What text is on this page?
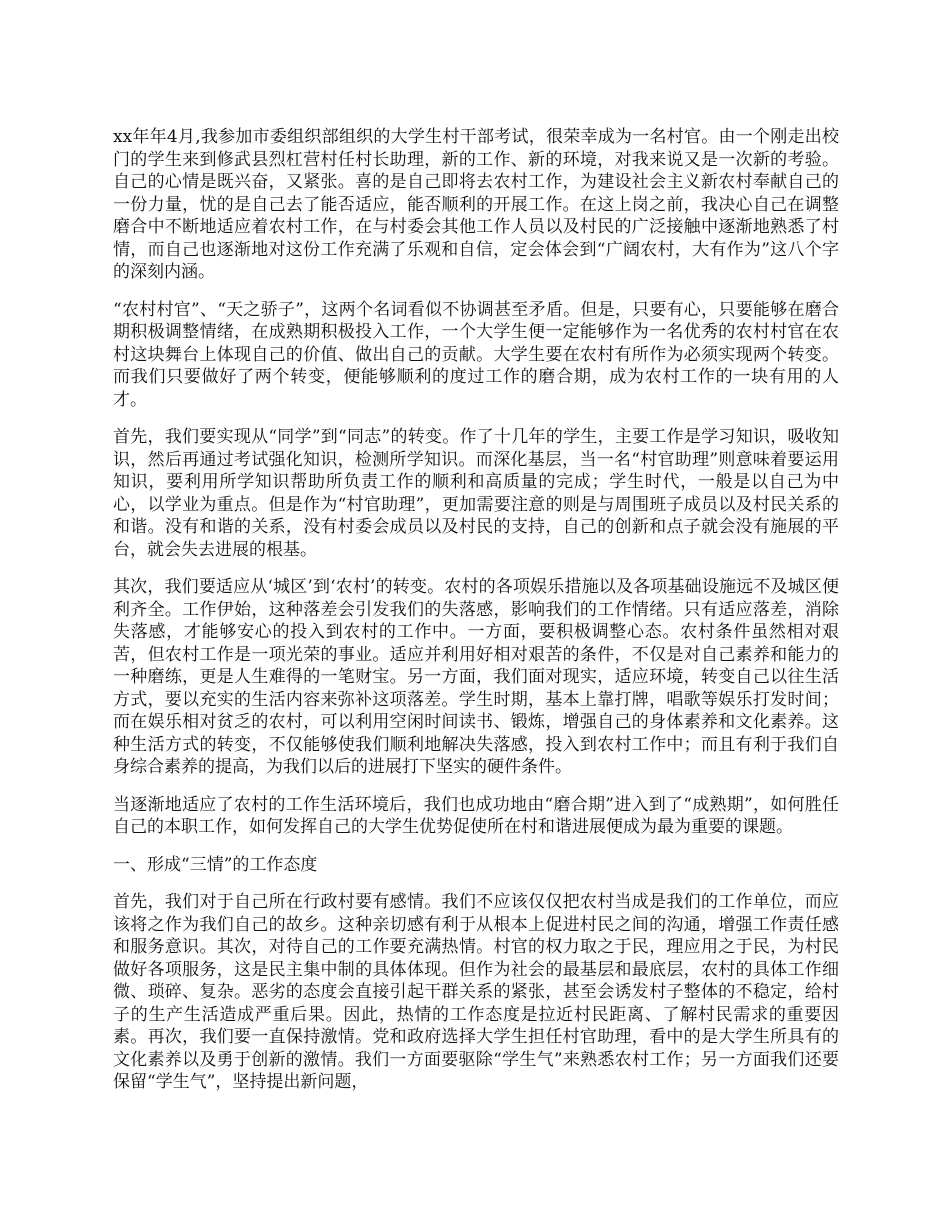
xx年年4月,我参加市委组织部组织的大学生村干部考试，很荣幸成为一名村官。由一个刚走出校门的学生来到修武县烈杠营村任村长助理，新的工作、新的环境，对我来说又是一次新的考验。自己的心情是既兴奋，又紧张。喜的是自己即将去农村工作，为建设社会主义新农村奉献自己的一份力量，忧的是自己去了能否适应，能否顺利的开展工作。在这上岗之前，我决心自己在调整磨合中不断地适应着农村工作，在与村委会其他工作人员以及村民的广泛接触中逐渐地熟悉了村情，而自己也逐渐地对这份工作充满了乐观和自信，定会体会到“广阔农村，大有作为”这八个字的深刻内涵。

“农村村官”、“天之骄子”，这两个名词看似不协调甚至矛盾。但是，只要有心，只要能够在磨合期积极调整情绪，在成熟期积极投入工作，一个大学生便一定能够作为一名优秀的农村村官在农村这块舞台上体现自己的价值、做出自己的贡献。大学生要在农村有所作为必须实现两个转变。而我们只要做好了两个转变，便能够顺利的度过工作的磨合期，成为农村工作的一块有用的人才。

首先，我们要实现从“同学”到“同志”的转变。作了十几年的学生，主要工作是学习知识，吸收知识，然后再通过考试强化知识，检测所学知识。而深化基层，当一名“村官助理”则意味着要运用知识，要利用所学知识帮助所负责工作的顺利和高质量的完成；学生时代，一般是以自己为中心，以学业为重点。但是作为“村官助理”，更加需要注意的则是与周围班子成员以及村民关系的和谐。没有和谐的关系，没有村委会成员以及村民的支持，自己的创新和点子就会没有施展的平台，就会失去进展的根基。

其次，我们要适应从‘城区’到‘农村’的转变。农村的各项娱乐措施以及各项基础设施远不及城区便利齐全。工作伊始，这种落差会引发我们的失落感，影响我们的工作情绪。只有适应落差，消除失落感，才能够安心的投入到农村的工作中。一方面，要积极调整心态。农村条件虽然相对艰苦，但农村工作是一项光荣的事业。适应并利用好相对艰苦的条件，不仅是对自己素养和能力的一种磨练，更是人生难得的一笔财宝。另一方面，我们面对现实，适应环境，转变自己以往生活方式，要以充实的生活内容来弥补这项落差。学生时期，基本上靠打牌，唱歌等娱乐打发时间；而在娱乐相对贫乏的农村，可以利用空闲时间读书、锻炼，增强自己的身体素养和文化素养。这种生活方式的转变，不仅能够使我们顺利地解决失落感，投入到农村工作中；而且有利于我们自身综合素养的提高，为我们以后的进展打下坚实的硬件条件。

当逐渐地适应了农村的工作生活环境后，我们也成功地由“磨合期”进入到了“成熟期”，如何胜任自己的本职工作，如何发挥自己的大学生优势促使所在村和谐进展便成为最为重要的课题。

一、形成“三情”的工作态度

首先，我们对于自己所在行政村要有感情。我们不应该仅仅把农村当成是我们的工作单位，而应该将之作为我们自己的故乡。这种亲切感有利于从根本上促进村民之间的沟通，增强工作责任感和服务意识。其次，对待自己的工作要充满热情。村官的权力取之于民，理应用之于民，为村民做好各项服务，这是民主集中制的具体体现。但作为社会的最基层和最底层，农村的具体工作细微、琐碎、复杂。恶劣的态度会直接引起干群关系的紧张，甚至会诱发村子整体的不稳定，给村子的生产生活造成严重后果。因此，热情的工作态度是拉近村民距离、了解村民需求的重要因素。再次，我们要一直保持激情。党和政府选择大学生担任村官助理，看中的是大学生所具有的文化素养以及勇于创新的激情。我们一方面要驱除“学生气”来熟悉农村工作；另一方面我们还要保留“学生气”，坚持提出新问题，
